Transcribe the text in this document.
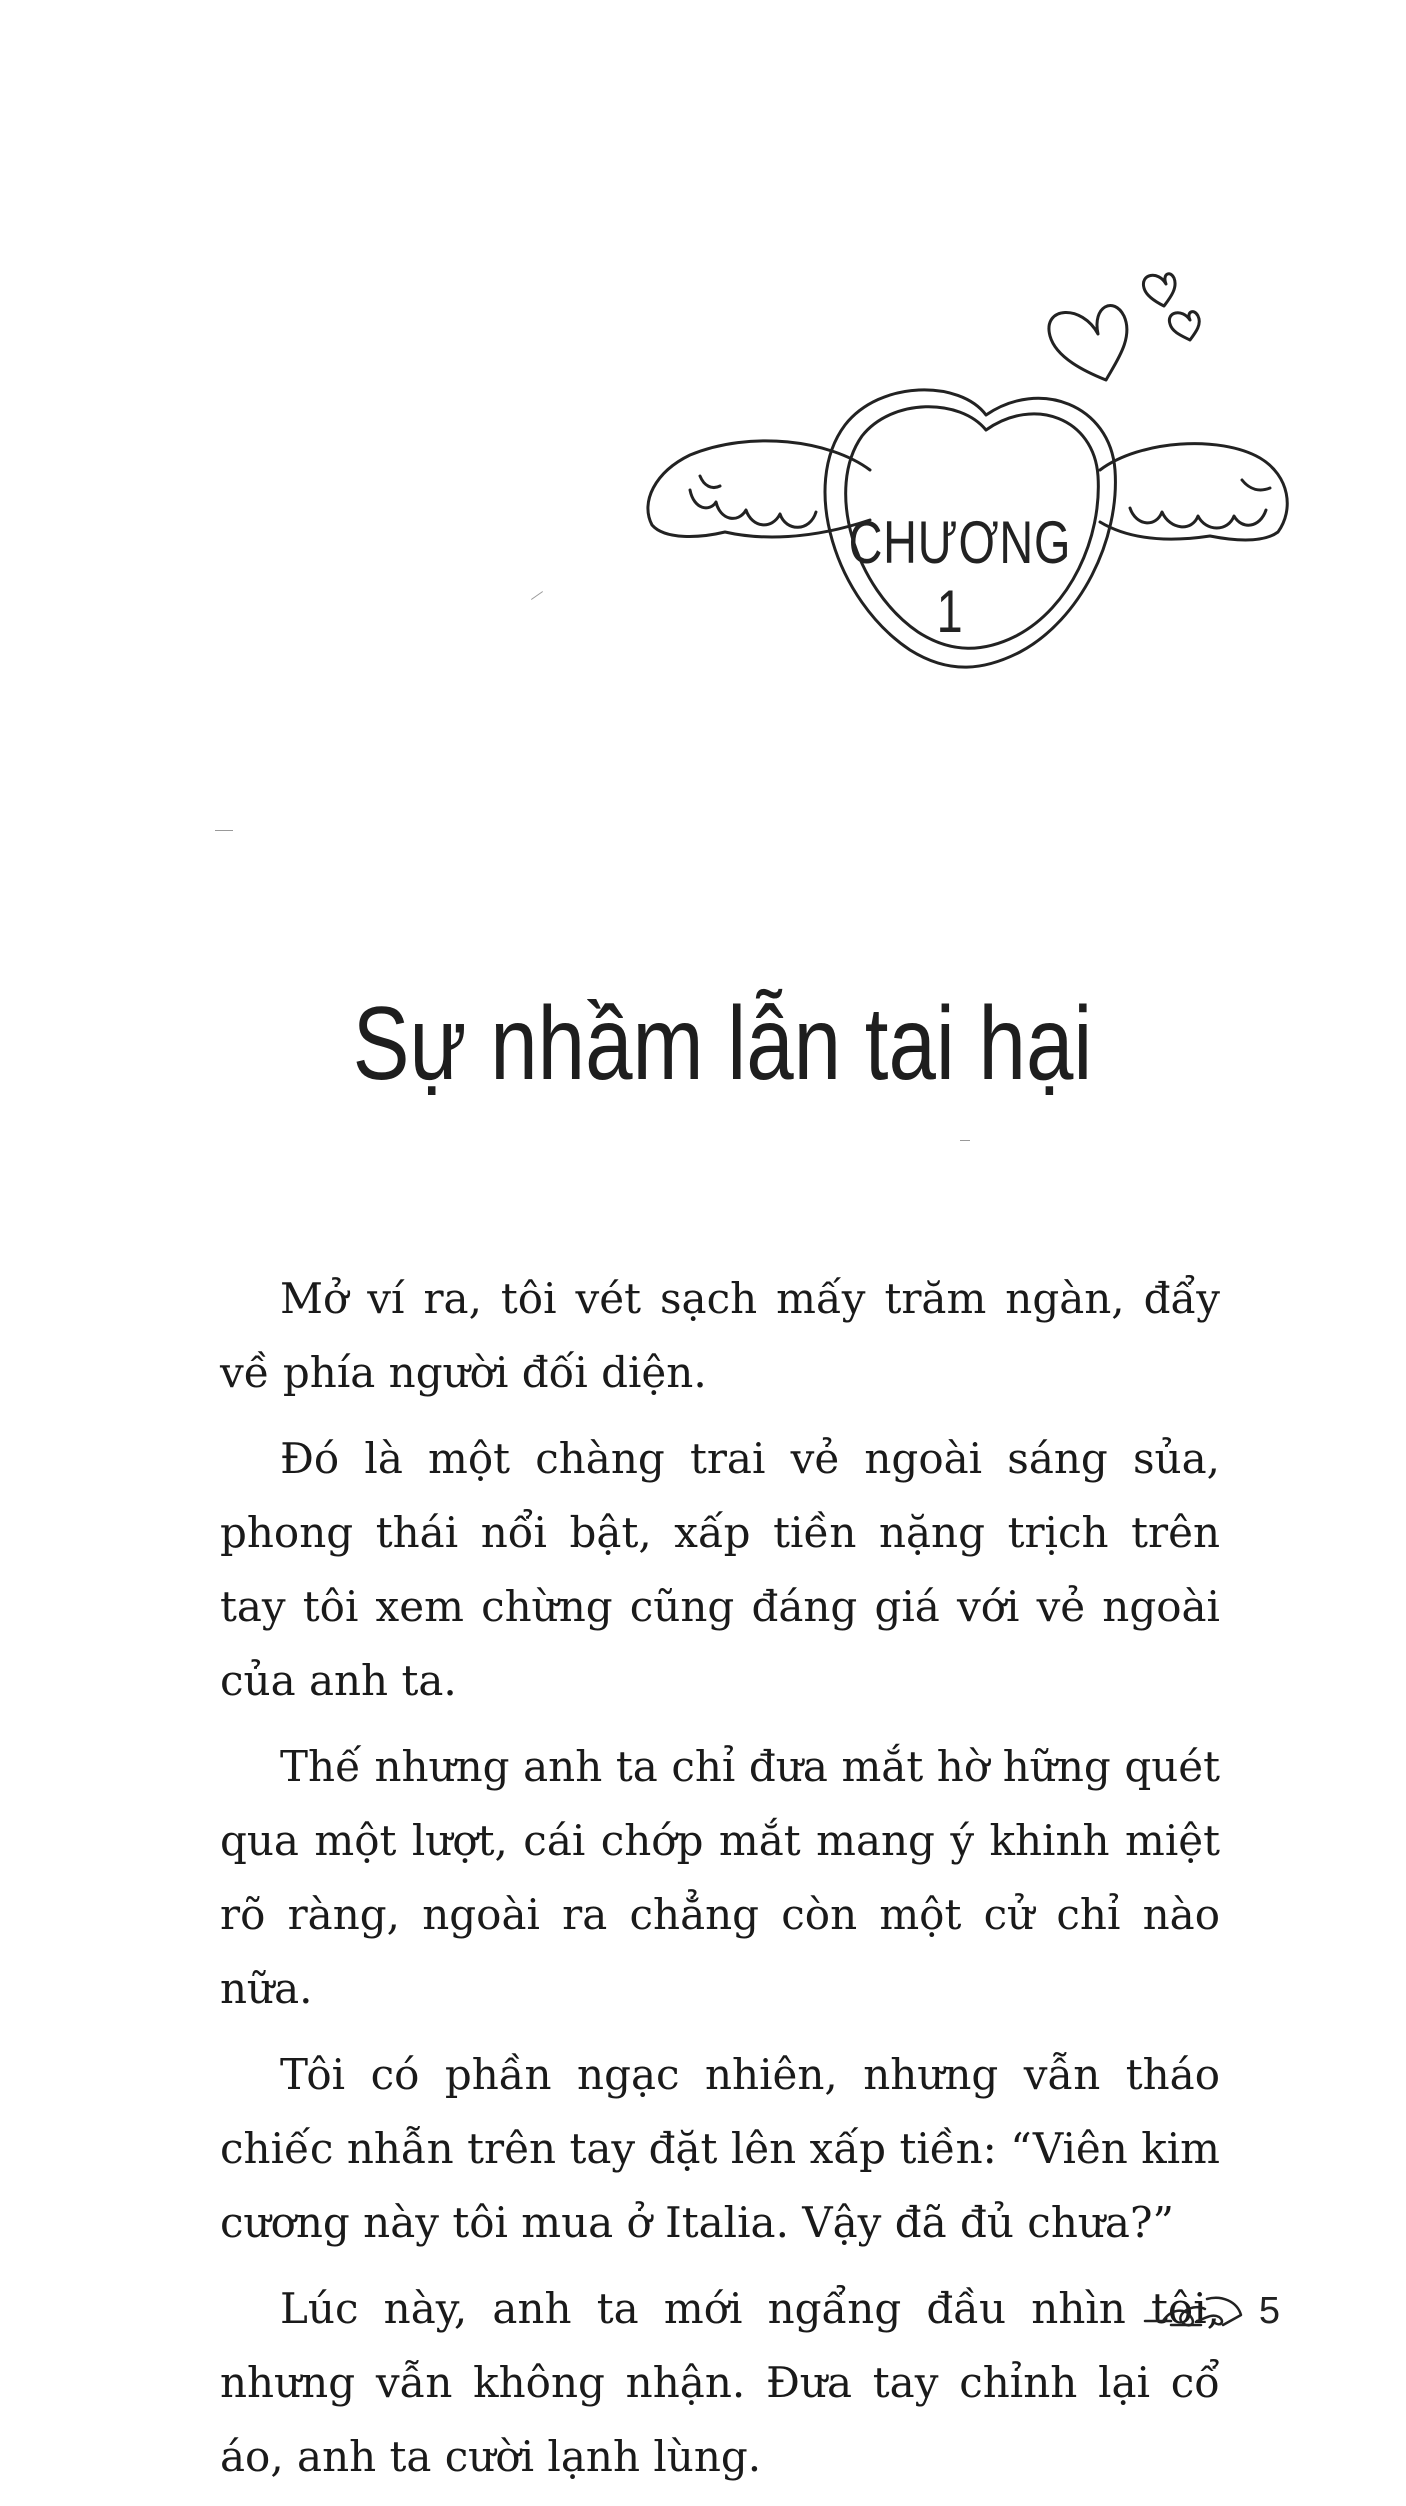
CHƯƠNG 1
Sự nhầm lẫn tai hại

Mở ví ra, tôi vét sạch mấy trăm ngàn, đẩy về phía người đối diện.

Đó là một chàng trai vẻ ngoài sáng sủa, phong thái nổi bật, xấp tiền nặng trịch trên tay tôi xem chừng cũng đáng giá với vẻ ngoài của anh ta.

Thế nhưng anh ta chỉ đưa mắt hờ hững quét qua một lượt, cái chớp mắt mang ý khinh miệt rõ ràng, ngoài ra chẳng còn một cử chỉ nào nữa.

Tôi có phần ngạc nhiên, nhưng vẫn tháo chiếc nhẫn trên tay đặt lên xấp tiền: “Viên kim cương này tôi mua ở Italia. Vậy đã đủ chưa?”

Lúc này, anh ta mới ngẩng đầu nhìn tôi, nhưng vẫn không nhận. Đưa tay chỉnh lại cổ áo, anh ta cười lạnh lùng.

5
